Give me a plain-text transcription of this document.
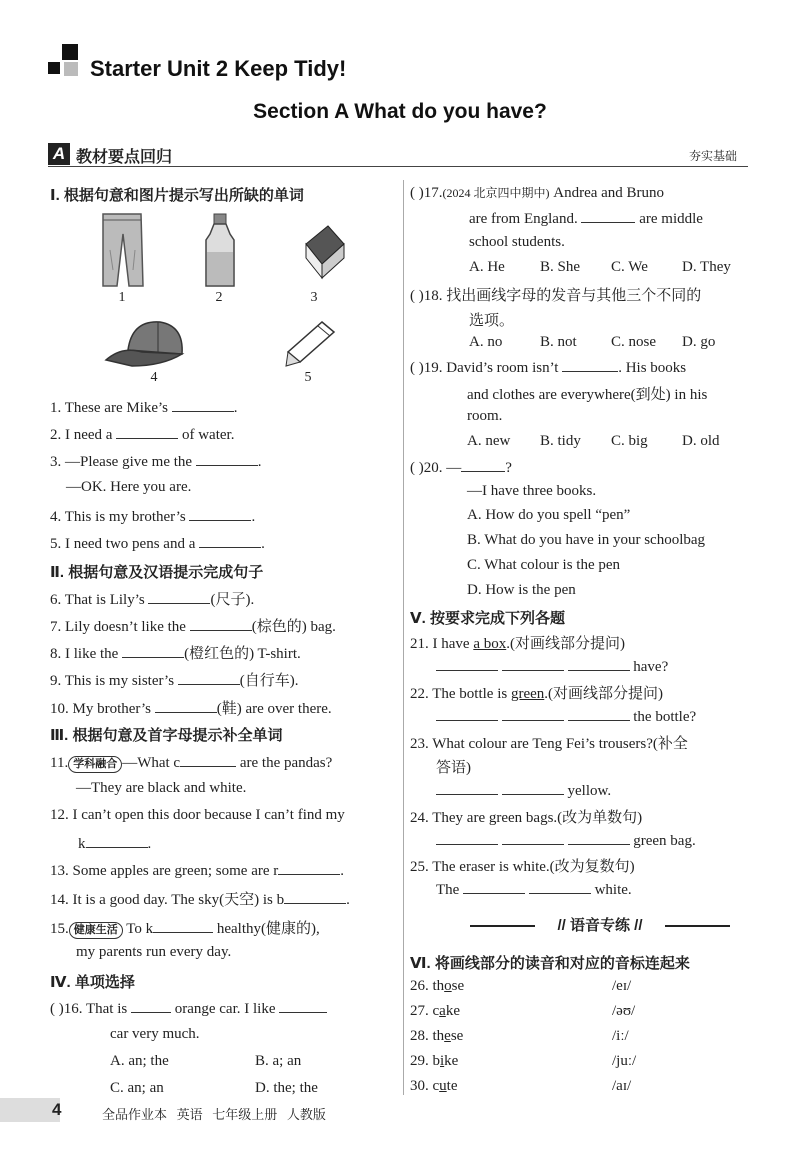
Starter Unit 2 Keep Tidy!
Section A What do you have?
A 教材要点回归	夯实基础
Ⅰ. 根据句意和图片提示写出所缺的单词
1	2	3
4	5
1. These are Mike’s	.
2. I need a	of water.
3. —Please give me the	.
—OK. Here you are.
4. This is my brother’s	.
5. I need two pens and a	.
Ⅱ. 根据句意及汉语提示完成句子
6. That is Lily’s	(尺子).
7. Lily doesn’t like the	(棕色的) bag.
8. I like the	(橙红色的) T-shirt.
9. This is my sister’s	(自行车).
10. My brother’s	(鞋) are over there.
Ⅲ. 根据句意及首字母提示补全单词
11. 学科融合 —What c	are the pandas?
—They are black and white.
12. I can’t open this door because I can’t find my
k	.
13. Some apples are green; some are r	.
14. It is a good day. The sky(天空) is b	.
15. 健康生活 To k	healthy(健康的),
my parents run every day.
Ⅳ. 单项选择
( )16. That is	orange car. I like
car very much.
A. an; the	B. a; an
C. an; an	D. the; the
( )17.(2024 北京四中期中) Andrea and Bruno
are from England.	are middle
school students.
A. He B. She C. We D. They
( )18. 找出画线字母的发音与其他三个不同的
选项。
A. no	B. not C. nose D. go
( )19. David’s room isn’t	. His books
and clothes are everywhere(到处) in his
room.
A. new B. tidy C. big D. old
( )20. —	?
—I have three books.
A. How do you spell “pen”
B. What do you have in your schoolbag
C. What colour is the pen
D. How is the pen
Ⅴ. 按要求完成下列各题
21. I have a box.(对画线部分提问)
have?
22. The bottle is green.(对画线部分提问)
the bottle?
23. What colour are Teng Fei’s trousers?(补全
答语)
yellow.
24. They are green bags.(改为单数句)
green bag.
25. The eraser is white.(改为复数句)
The	white.
// 语音专练 //
Ⅵ. 将画线部分的读音和对应的音标连起来
26. those	/eɪ/
27. cake	/əʊ/
28. these	/iː/
29. bike	/juː/
30. cute	/aɪ/
4	全品作业本 英语 七年级上册 人教版
